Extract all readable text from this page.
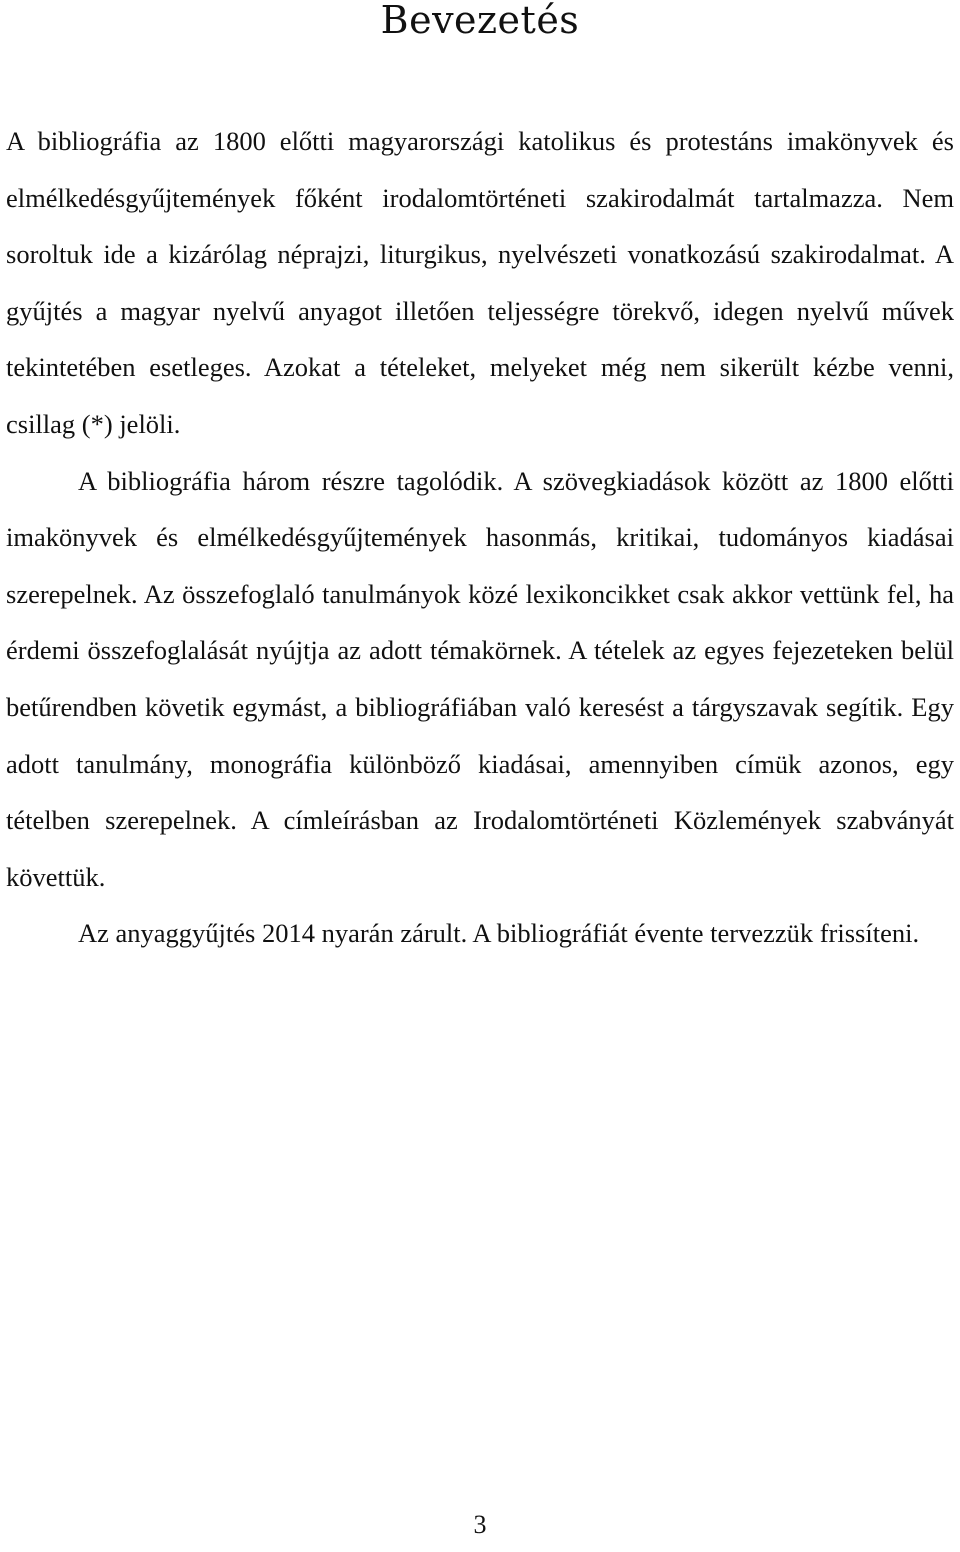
Bevezetés

A bibliográfia az 1800 előtti magyarországi katolikus és protestáns imakönyvek és elmélkedésgyűjtemények főként irodalomtörténeti szakirodalmát tartalmazza. Nem soroltuk ide a kizárólag néprajzi, liturgikus, nyelvészeti vonatkozású szakirodalmat. A gyűjtés a magyar nyelvű anyagot illetően teljességre törekvő, idegen nyelvű művek tekintetében esetleges. Azokat a tételeket, melyeket még nem sikerült kézbe venni, csillag (*) jelöli.

A bibliográfia három részre tagolódik. A szövegkiadások között az 1800 előtti imakönyvek és elmélkedésgyűjtemények hasonmás, kritikai, tudományos kiadásai szerepelnek. Az összefoglaló tanulmányok közé lexikoncikket csak akkor vettünk fel, ha érdemi összefoglalását nyújtja az adott témakörnek. A tételek az egyes fejezeteken belül betűrendben követik egymást, a bibliográfiában való keresést a tárgyszavak segítik. Egy adott tanulmány, monográfia különböző kiadásai, amennyiben címük azonos, egy tételben szerepelnek. A címleírásban az Irodalomtörténeti Közlemények szabványát követtük.

Az anyaggyűjtés 2014 nyarán zárult. A bibliográfiát évente tervezzük frissíteni.

3
